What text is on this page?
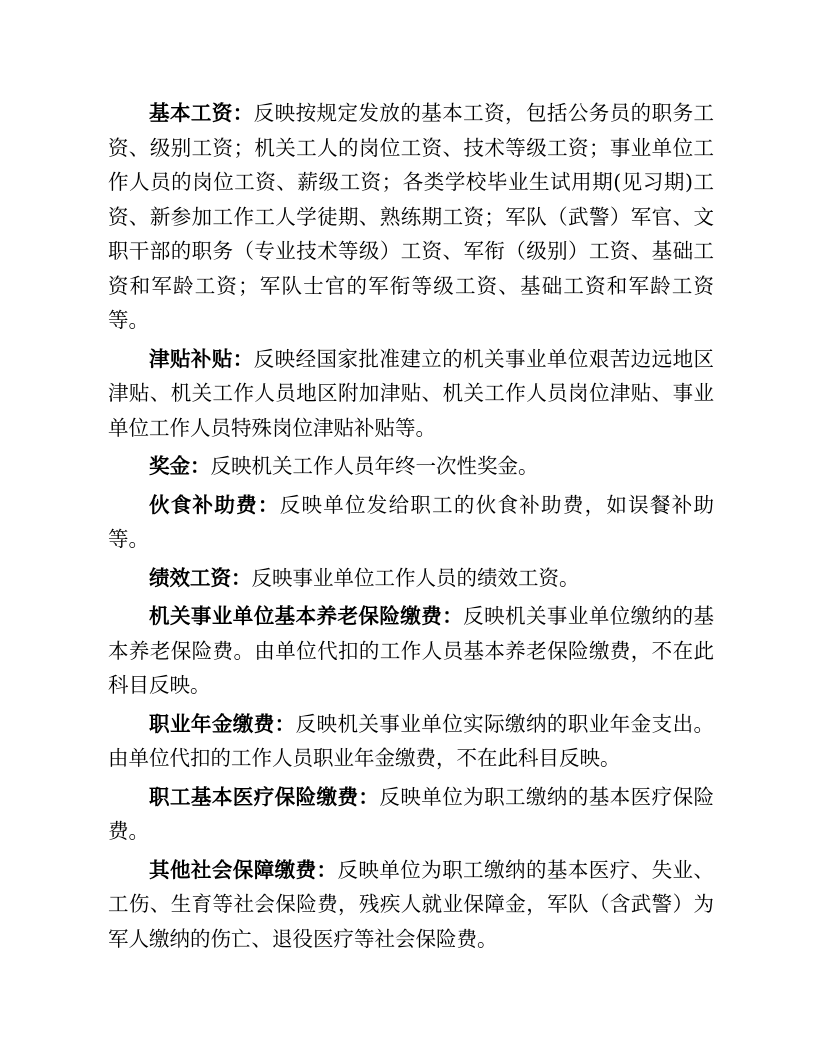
基本工资：反映按规定发放的基本工资，包括公务员的职务工资、级别工资；机关工人的岗位工资、技术等级工资；事业单位工作人员的岗位工资、薪级工资；各类学校毕业生试用期(见习期)工资、新参加工作工人学徒期、熟练期工资；军队（武警）军官、文职干部的职务（专业技术等级）工资、军衔（级别）工资、基础工资和军龄工资；军队士官的军衔等级工资、基础工资和军龄工资等。

津贴补贴：反映经国家批准建立的机关事业单位艰苦边远地区津贴、机关工作人员地区附加津贴、机关工作人员岗位津贴、事业单位工作人员特殊岗位津贴补贴等。

奖金：反映机关工作人员年终一次性奖金。

伙食补助费：反映单位发给职工的伙食补助费，如误餐补助等。

绩效工资：反映事业单位工作人员的绩效工资。

机关事业单位基本养老保险缴费：反映机关事业单位缴纳的基本养老保险费。由单位代扣的工作人员基本养老保险缴费，不在此科目反映。

职业年金缴费：反映机关事业单位实际缴纳的职业年金支出。由单位代扣的工作人员职业年金缴费，不在此科目反映。

职工基本医疗保险缴费：反映单位为职工缴纳的基本医疗保险费。

其他社会保障缴费：反映单位为职工缴纳的基本医疗、失业、工伤、生育等社会保险费，残疾人就业保障金，军队（含武警）为军人缴纳的伤亡、退役医疗等社会保险费。
